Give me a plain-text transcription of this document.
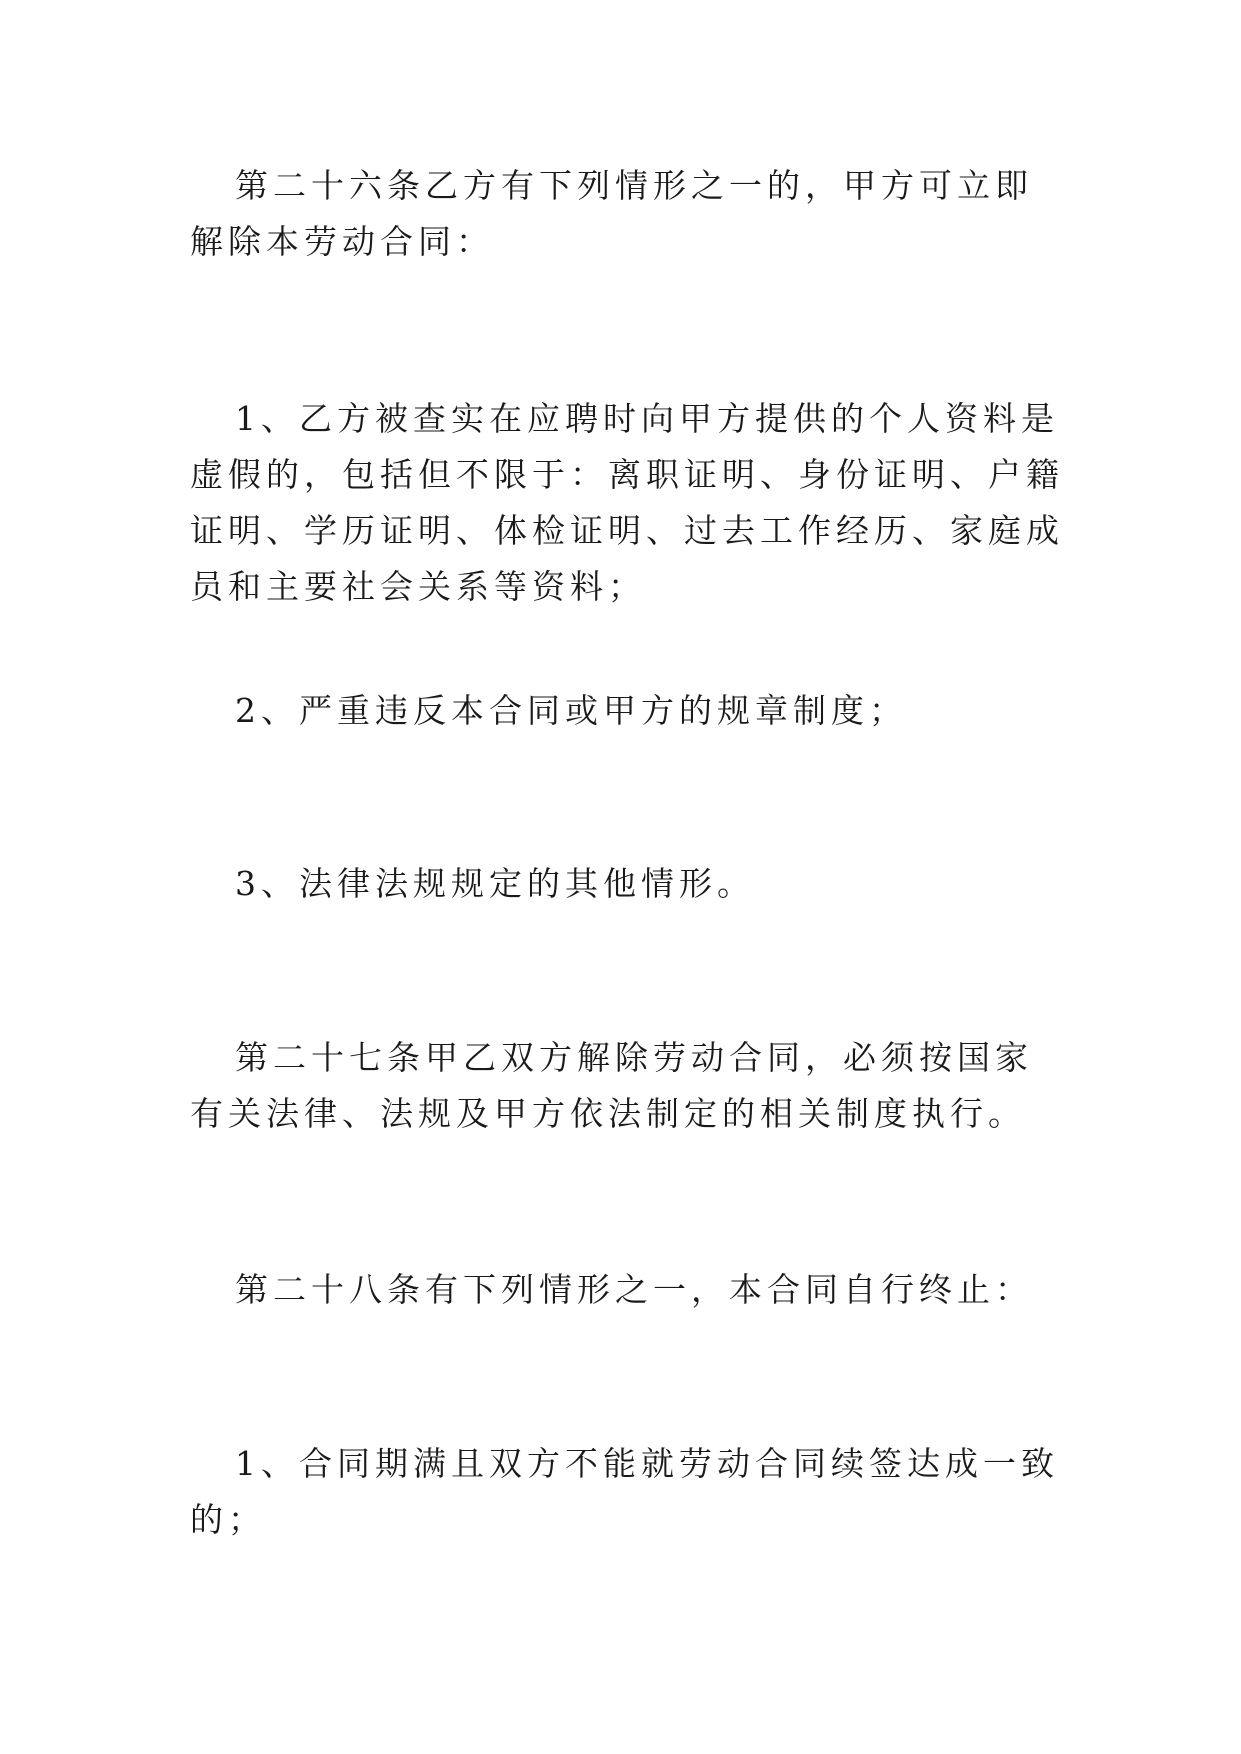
第二十六条乙方有下列情形之一的，甲方可立即解除本劳动合同：

1、乙方被查实在应聘时向甲方提供的个人资料是虚假的，包括但不限于：离职证明、身份证明、户籍证明、学历证明、体检证明、过去工作经历、家庭成员和主要社会关系等资料；

2、严重违反本合同或甲方的规章制度；

3、法律法规规定的其他情形。

第二十七条甲乙双方解除劳动合同，必须按国家有关法律、法规及甲方依法制定的相关制度执行。

第二十八条有下列情形之一，本合同自行终止：

1、合同期满且双方不能就劳动合同续签达成一致的；
